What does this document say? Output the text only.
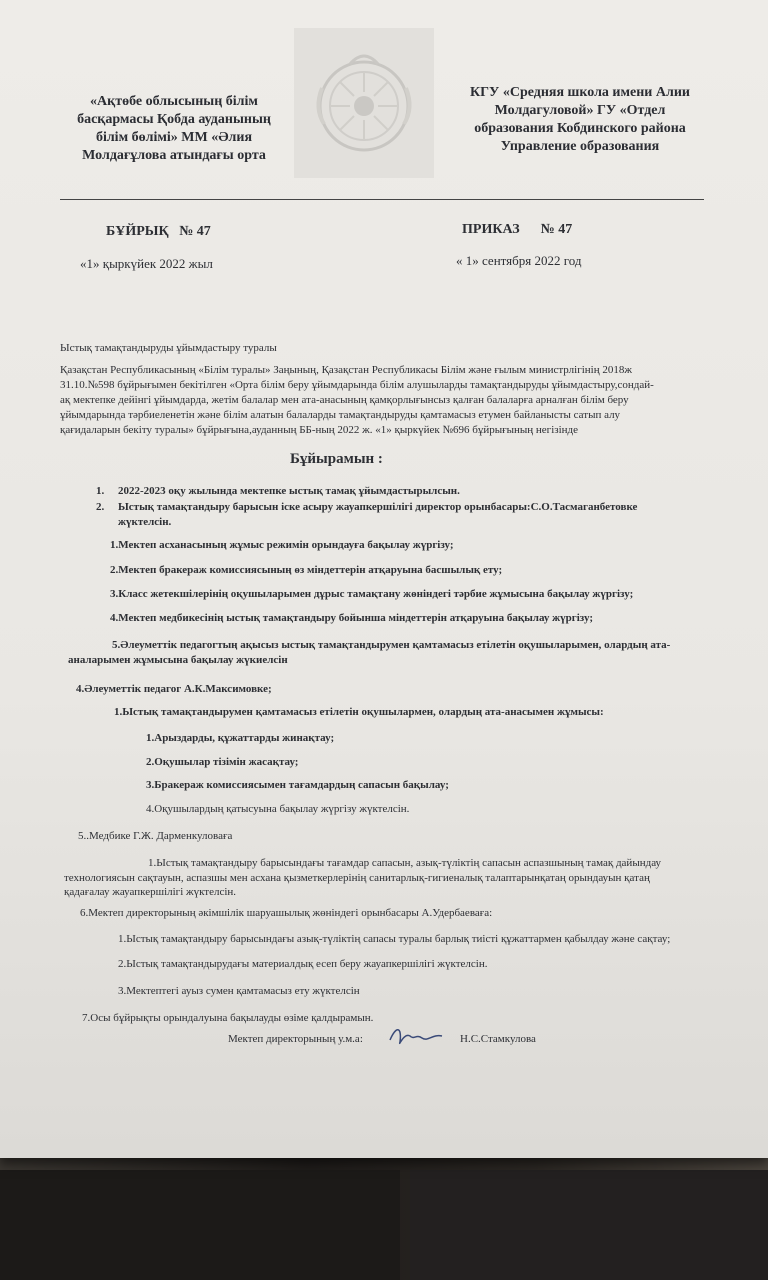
«Ақтөбе облысының білім
басқармасы Қобда ауданының
білім бөлімі» ММ «Әлия
Молдағұлова атындағы орта
КГУ «Средняя школа имени Алии
Молдагуловой» ГУ «Отдел
образования Кобдинского района
Управление образования
БҰЙРЫҚ   № 47
«1» қыркүйек 2022 жыл
ПРИКАЗ      № 47
« 1» сентября 2022 год
Ыстық тамақтандыруды ұйымдастыру туралы
Қазақстан Республикасының «Білім туралы» Заңының, Қазақстан Республикасы Білім және ғылым министрлігінің 2018ж
31.10.№598 бұйрығымен бекітілген «Орта білім беру ұйымдарында білім алушыларды тамақтандыруды ұйымдастыру,сондай-
ақ мектепке дейінгі ұйымдарда, жетім балалар мен ата-анасының қамқорлығынсыз қалған балаларға арналған білім беру
ұйымдарында тәрбиеленетін және білім алатын балаларды тамақтандыруды қамтамасыз етумен байланысты сатып алу
қағидаларын бекіту туралы» бұйрығына,ауданның ББ-ның 2022 ж. «1» қыркүйек №696 бұйрығының негізінде
Бұйырамын :
1. 2022-2023 оқу жылында мектепке ыстық тамақ ұйымдастырылсын.
2. Ыстық тамақтандыру барысын іске асыру жауапкершілігі директор орынбасары:С.О.Тасмаганбетовке
жүктелсін.
1.Мектеп асханасының жұмыс режимін орындауға бақылау жүргізу;
2.Мектеп бракераж комиссиясының өз міндеттерін атқаруына басшылық ету;
3.Класс жетекшілерінің оқушыларымен дұрыс тамақтану жөніндегі тәрбие жұмысына бақылау жүргізу;
4.Мектеп медбикесінің ыстық тамақтандыру бойынша міндеттерін атқаруына бақылау жүргізу;
5.Әлеуметтік педагогтың ақысыз ыстық тамақтандырумен қамтамасыз етілетін оқушыларымен, олардың ата-
аналарымен жұмысына бақылау жүкиелсін
4.Әлеуметтік педагог А.К.Максимовке;
1.Ыстық тамақтандырумен қамтамасыз етілетін оқушылармен, олардың ата-анасымен жұмысы:
1.Арыздарды, құжаттарды жинақтау;
2.Оқушылар тізімін жасақтау;
3.Бракераж комиссиясымен тағамдардың сапасын бақылау;
4.Оқушылардың қатысуына бақылау жүргізу жүктелсін.
5..Медбике Г.Ж. Дарменкуловаға
1.Ыстық тамақтандыру барысындағы тағамдар сапасын, азық-түліктің сапасын аспазшының тамақ дайындау
технологиясын сақтауын, аспазшы мен асхана қызметкерлерінің санитарлық-гигиеналық талаптарынқатаң орындауын қатаң
қадағалау жауапкершілігі жүктелсін.
6.Мектеп директорының әкімшілік шаруашылық жөніндегі орынбасары А.Удербаеваға:
1.Ыстық тамақтандыру барысындағы азық-түліктің сапасы туралы барлық тиісті құжаттармен қабылдау және сақтау;
2.Ыстық тамақтандырудағы материалдық есеп беру жауапкершілігі жүктелсін.
3.Мектептегі ауыз сумен қамтамасыз ету жүктелсін
7.Осы бұйрықты орындалуына бақылауды өзіме қалдырамын.
Мектеп директорының у.м.а:	Н.С.Стамкулова
